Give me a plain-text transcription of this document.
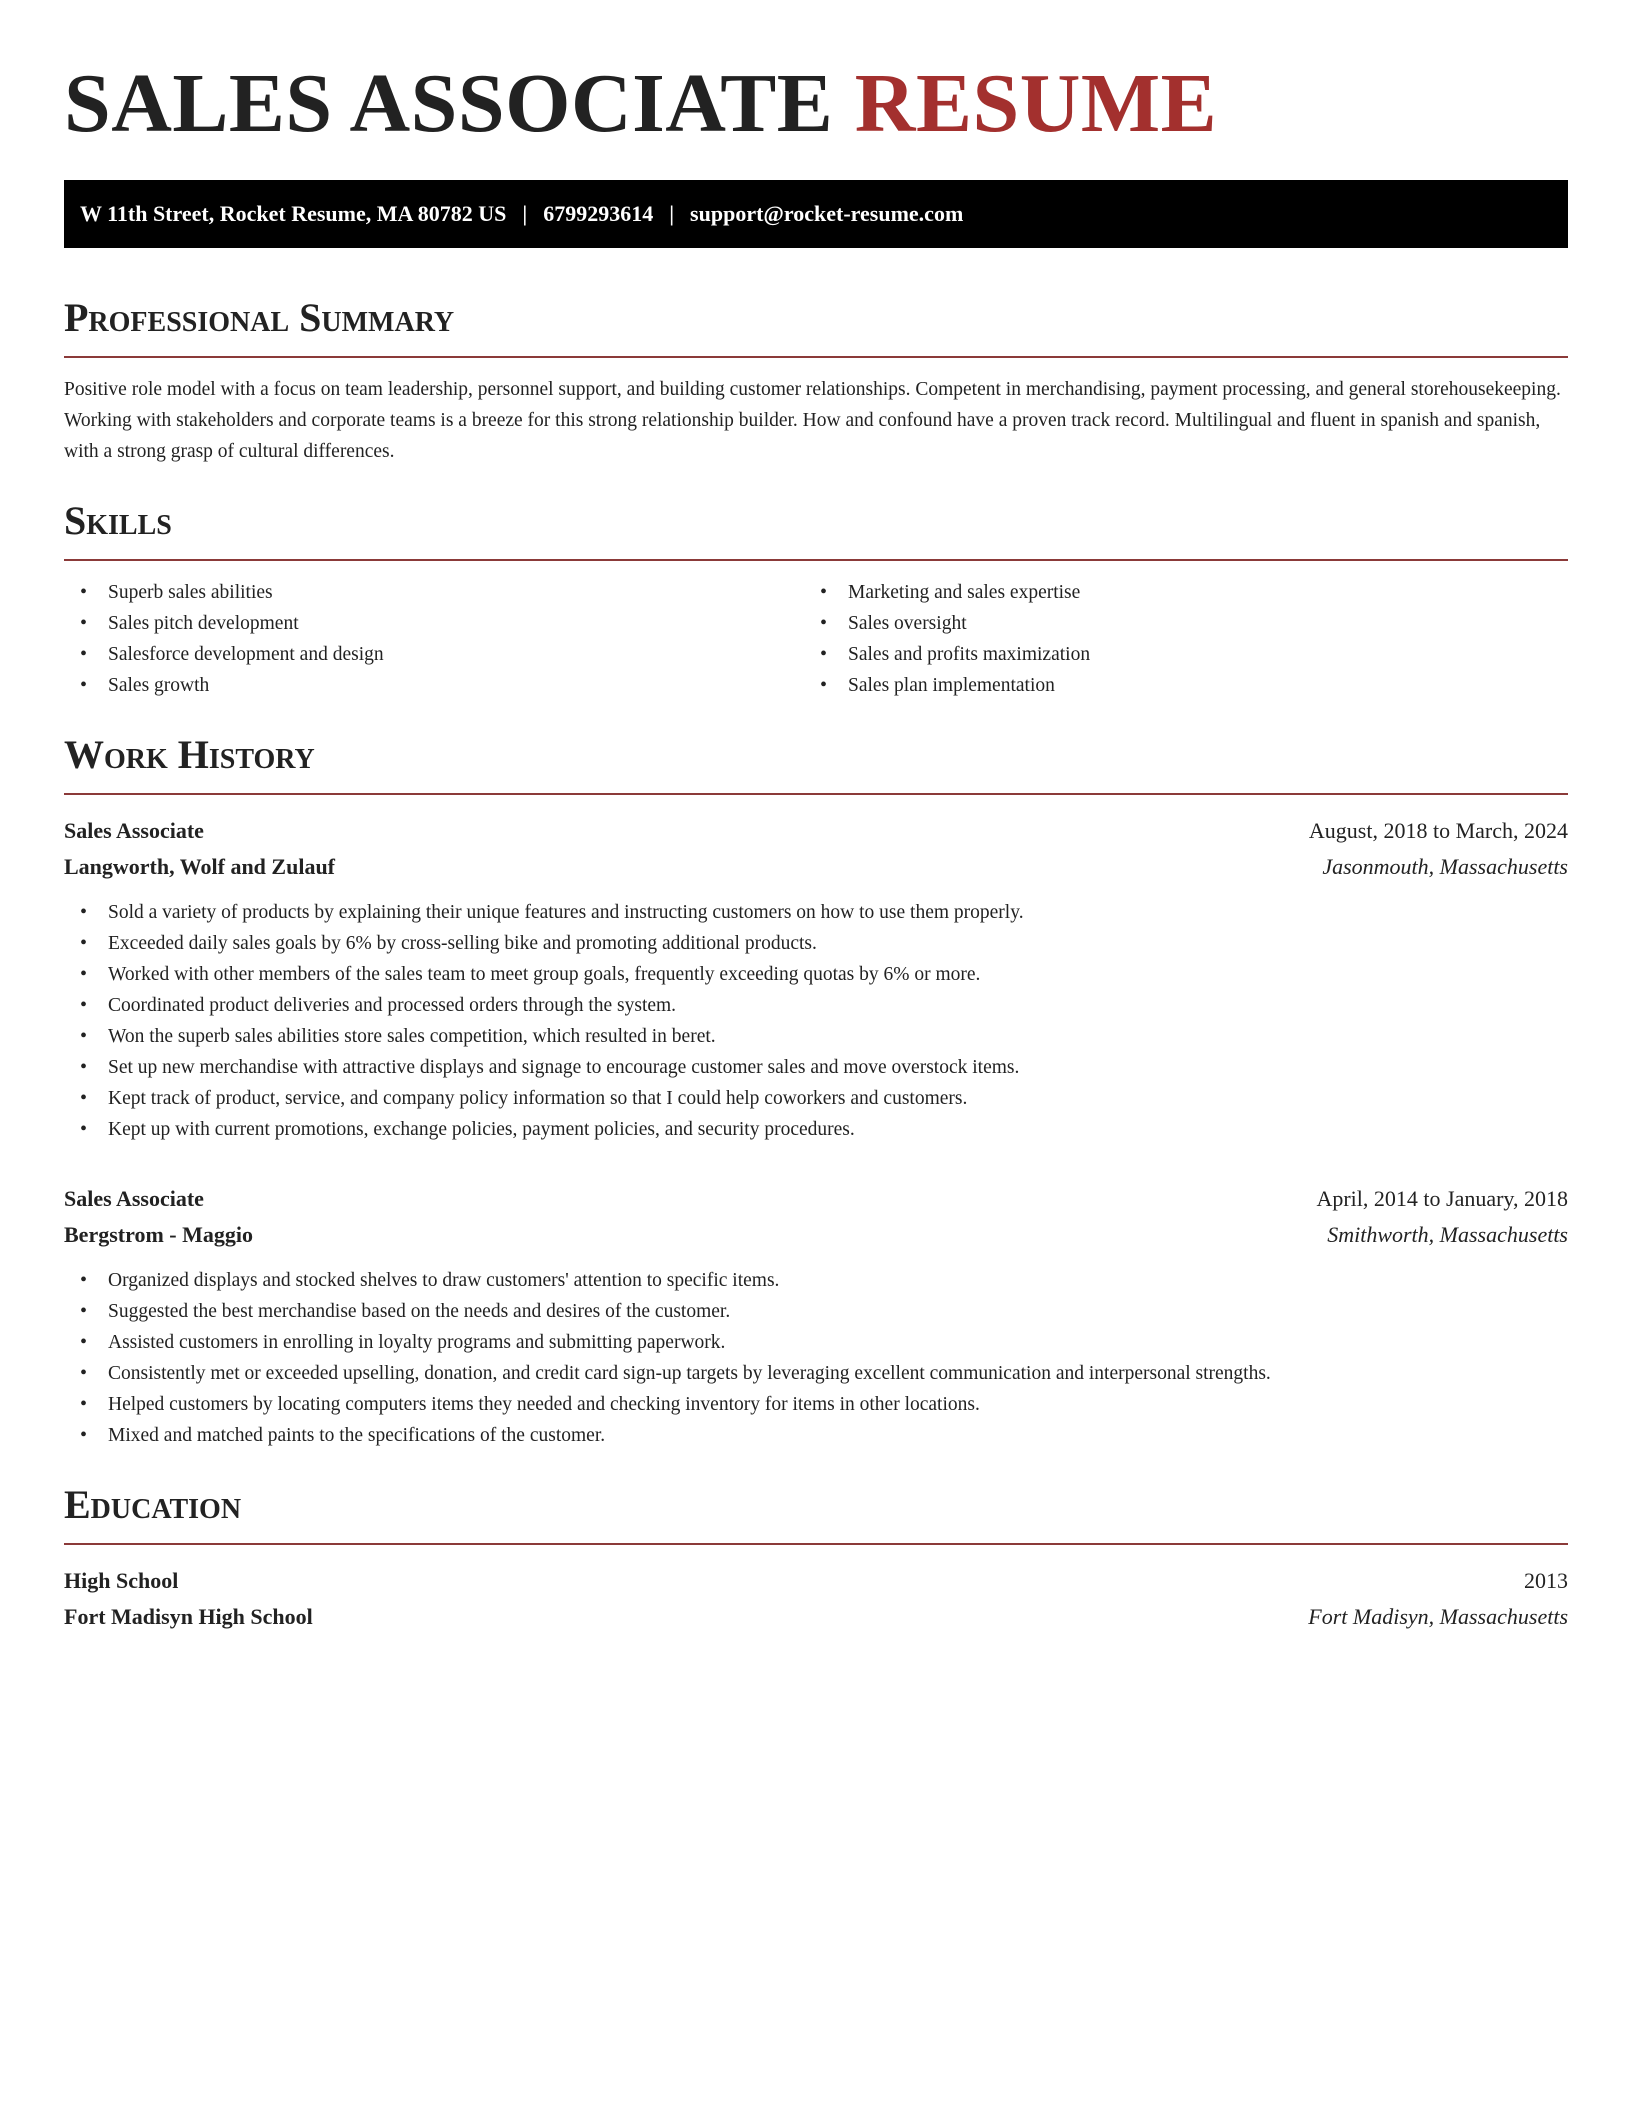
SALES ASSOCIATE RESUME
W 11th Street, Rocket Resume, MA 80782 US | 6799293614 | support@rocket-resume.com
Professional Summary

Positive role model with a focus on team leadership, personnel support, and building customer relationships. Competent in merchandising, payment processing, and general storehousekeeping. Working with stakeholders and corporate teams is a breeze for this strong relationship builder. How and confound have a proven track record. Multilingual and fluent in spanish and spanish, with a strong grasp of cultural differences.

Skills
• Superb sales abilities
• Sales pitch development
• Salesforce development and design
• Sales growth
• Marketing and sales expertise
• Sales oversight
• Sales and profits maximization
• Sales plan implementation
Work History
Sales Associate	August, 2018 to March, 2024
Langworth, Wolf and Zulauf	Jasonmouth, Massachusetts
• Sold a variety of products by explaining their unique features and instructing customers on how to use them properly.
• Exceeded daily sales goals by 6% by cross-selling bike and promoting additional products.
• Worked with other members of the sales team to meet group goals, frequently exceeding quotas by 6% or more.
• Coordinated product deliveries and processed orders through the system.
• Won the superb sales abilities store sales competition, which resulted in beret.
• Set up new merchandise with attractive displays and signage to encourage customer sales and move overstock items.
• Kept track of product, service, and company policy information so that I could help coworkers and customers.
• Kept up with current promotions, exchange policies, payment policies, and security procedures.
Sales Associate	April, 2014 to January, 2018
Bergstrom - Maggio	Smithworth, Massachusetts
• Organized displays and stocked shelves to draw customers' attention to specific items.
• Suggested the best merchandise based on the needs and desires of the customer.
• Assisted customers in enrolling in loyalty programs and submitting paperwork.
• Consistently met or exceeded upselling, donation, and credit card sign-up targets by leveraging excellent communication and interpersonal strengths.
• Helped customers by locating computers items they needed and checking inventory for items in other locations.
• Mixed and matched paints to the specifications of the customer.
Education
High School	2013
Fort Madisyn High School	Fort Madisyn, Massachusetts
